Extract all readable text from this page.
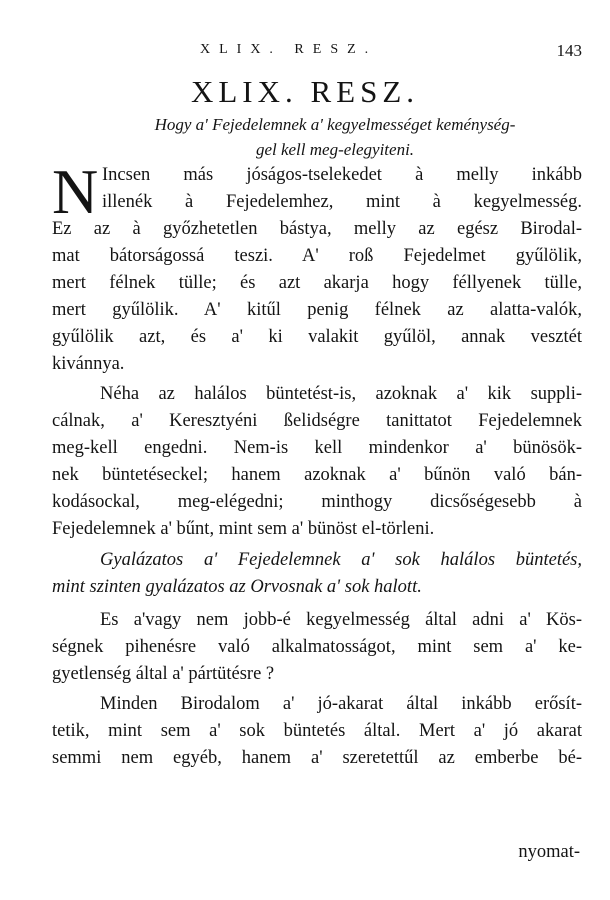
XLIX. RESZ.	143
XLIX. RESZ.
Hogy a' Fejedelemnek a' kegyelmességet keménység-
gel kell meg-elegyiteni.
N Incsen más jóságos-tselekedet à melly inkább
illenék à Fejedelemhez, mint à kegyelmesség.
Ez az à győzhetetlen bástya, melly az egész Birodal-
mat bátorságossá teszi. A' roß Fejedelmet gyűlölik,
mert félnek tülle; és azt akarja hogy féllyenek tülle,
mert gyűlölik. A' kitűl penig félnek az alatta-valók,
gyűlölik azt, és a' ki valakit gyűlöl, annak vesztét
kivánnya.
Néha az halálos büntetést-is, azoknak a' kik suppli-
cálnak, a' Keresztyéni ßelidségre tanittatot Fejedelemnek
meg-kell engedni. Nem-is kell mindenkor a' bünösök-
nek büntetéseckel; hanem azoknak a' bűnön való bán-
kodásockal, meg-elégedni; minthogy dicsőségesebb à
Fejedelemnek a' bűnt, mint sem a' bünöst el-törleni.
Gyalázatos a' Fejedelemnek a' sok halálos büntetés,
mint szinten gyalázatos az Orvosnak a' sok halott.
Es a'vagy nem jobb-é kegyelmesség által adni a' Kös-
ségnek pihenésre való alkalmatosságot, mint sem a' ke-
gyetlenség által a' pártütésre ?
Minden Birodalom a' jó-akarat által inkább erősít-
tetik, mint sem a' sok büntetés által. Mert a' jó akarat
semmi nem egyéb, hanem a' szeretettűl az emberbe bé-
nyomat-
